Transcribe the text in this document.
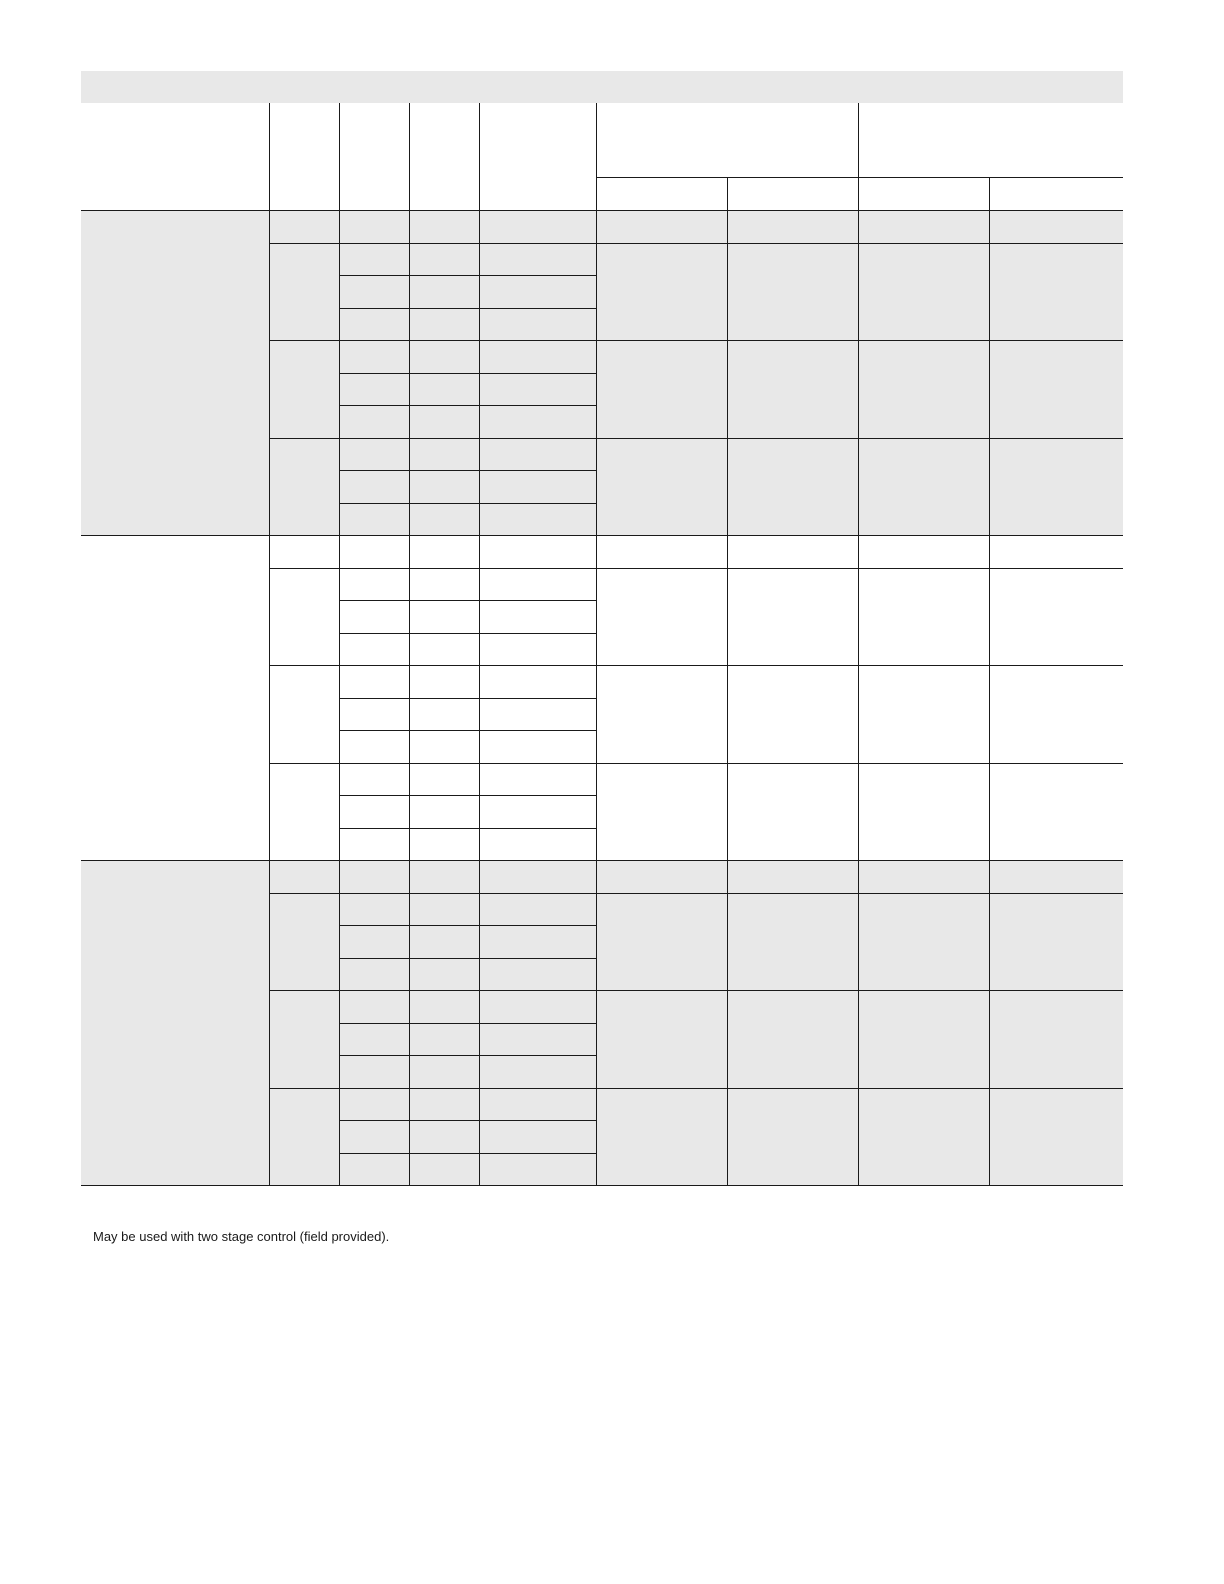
May be used with two stage control (field provided).
